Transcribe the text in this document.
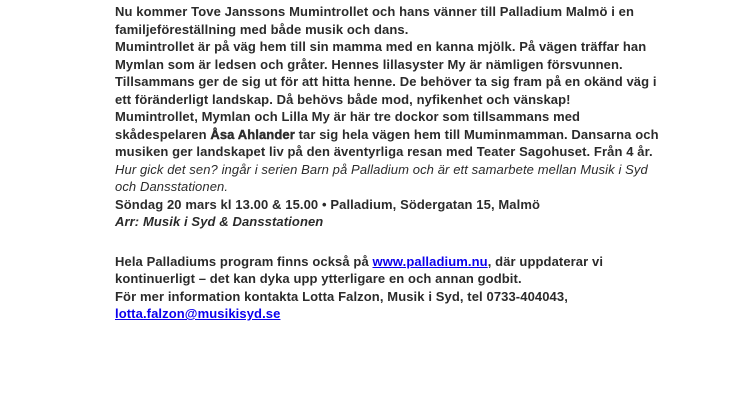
Nu kommer Tove Janssons Mumintrollet och hans vänner till Palladium Malmö i en familjeföreställning med både musik och dans.

Mumintrollet är på väg hem till sin mamma med en kanna mjölk. På vägen träffar han Mymlan som är ledsen och gråter. Hennes lillasyster My är nämligen försvunnen. Tillsammans ger de sig ut för att hitta henne. De behöver ta sig fram på en okänd väg i ett föränderligt landskap. Då behövs både mod, nyfikenhet och vänskap!

Mumintrollet, Mymlan och Lilla My är här tre dockor som tillsammans med skådespelaren Åsa Ahlander tar sig hela vägen hem till Muminmamman. Dansarna och musiken ger landskapet liv på den äventyrliga resan med Teater Sagohuset. Från 4 år.

Hur gick det sen? ingår i serien Barn på Palladium och är ett samarbete mellan Musik i Syd och Dansstationen.

Söndag 20 mars kl 13.00 & 15.00 • Palladium, Södergatan 15, Malmö

Arr: Musik i Syd & Dansstationen

Hela Palladiums program finns också på www.palladium.nu, där uppdaterar vi kontinuerligt – det kan dyka upp ytterligare en och annan godbit.

För mer information kontakta Lotta Falzon, Musik i Syd, tel 0733-404043, lotta.falzon@musikisyd.se
